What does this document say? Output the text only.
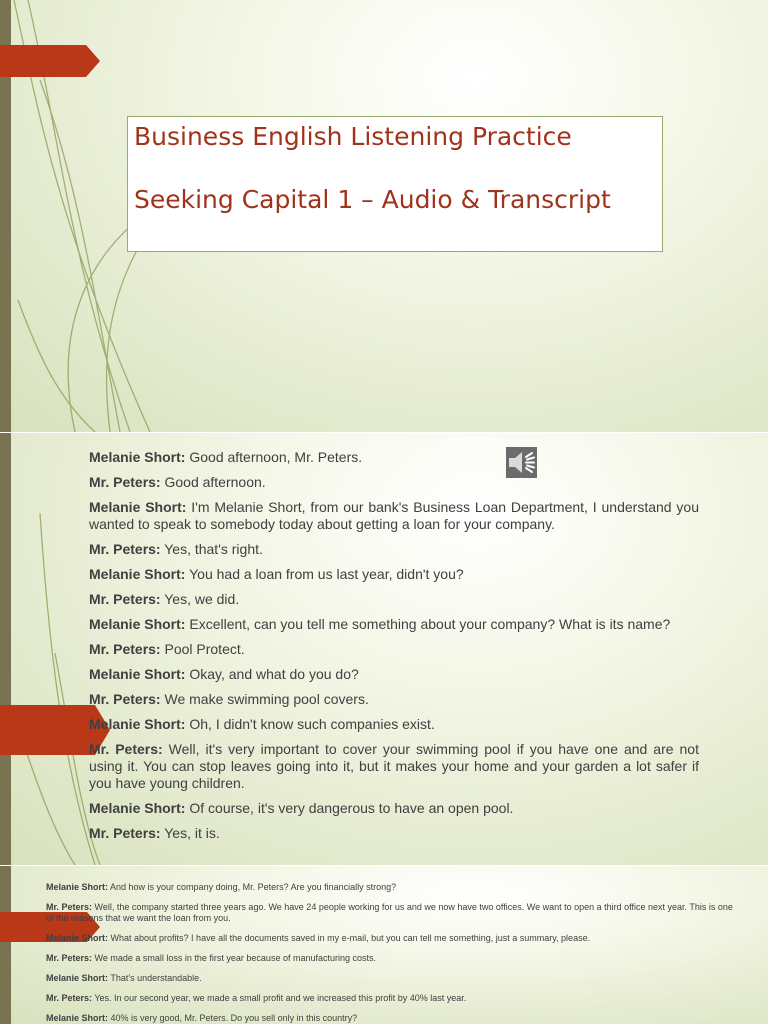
Business English Listening Practice
Seeking Capital 1 – Audio & Transcript

Melanie Short: Good afternoon, Mr. Peters.

Mr. Peters: Good afternoon.

Melanie Short: I'm Melanie Short, from our bank's Business Loan Department, I understand you wanted to speak to somebody today about getting a loan for your company.

Mr. Peters: Yes, that's right.

Melanie Short: You had a loan from us last year, didn't you?

Mr. Peters: Yes, we did.

Melanie Short: Excellent, can you tell me something about your company? What is its name?

Mr. Peters: Pool Protect.

Melanie Short: Okay, and what do you do?

Mr. Peters: We make swimming pool covers.

Melanie Short: Oh, I didn't know such companies exist.

Mr. Peters: Well, it's very important to cover your swimming pool if you have one and are not using it. You can stop leaves going into it, but it makes your home and your garden a lot safer if you have young children.

Melanie Short: Of course, it's very dangerous to have an open pool.

Mr. Peters: Yes, it is.

Melanie Short: And how is your company doing, Mr. Peters? Are you financially strong?

Mr. Peters: Well, the company started three years ago. We have 24 people working for us and we now have two offices. We want to open a third office next year. This is one of the reasons that we want the loan from you.

Melanie Short: What about profits? I have all the documents saved in my e-mail, but you can tell me something, just a summary, please.

Mr. Peters: We made a small loss in the first year because of manufacturing costs.

Melanie Short: That's understandable.

Mr. Peters: Yes. In our second year, we made a small profit and we increased this profit by 40% last year.

Melanie Short: 40% is very good, Mr. Peters. Do you sell only in this country?
